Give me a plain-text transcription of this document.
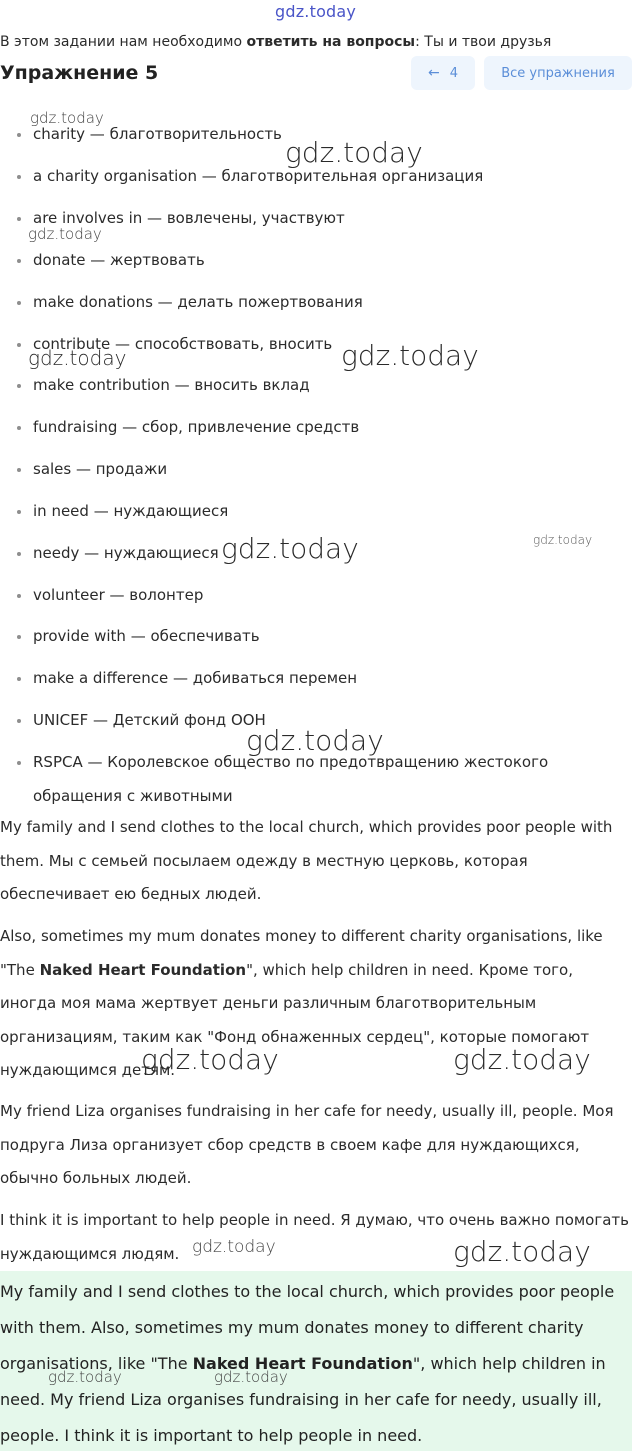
gdz.today
В этом задании нам необходимо ответить на вопросы: Ты и твои друзья
Упражнение 5	← 4	Все упражнения
charity — благотворительность
a charity organisation — благотворительная организация
are involves in — вовлечены, участвуют
donate — жертвовать
make donations — делать пожертвования
contribute — способствовать, вносить
make contribution — вносить вклад
fundraising — сбор, привлечение средств
sales — продажи
in need — нуждающиеся
needy — нуждающиеся
volunteer — волонтер
provide with — обеспечивать
make a difference — добиваться перемен
UNICEF — Детский фонд ООН
RSPCA — Королевское общество по предотвращению жестокого
обращения с животными

My family and I send clothes to the local church, which provides poor people with them. Мы с семьей посылаем одежду в местную церковь, которая обеспечивает ею бедных людей.

Also, sometimes my mum donates money to different charity organisations, like "The Naked Heart Foundation", which help children in need. Кроме того, иногда моя мама жертвует деньги различным благотворительным организациям, таким как "Фонд обнаженных сердец", которые помогают нуждающимся детям.

My friend Liza organises fundraising in her cafe for needy, usually ill, people. Моя подруга Лиза организует сбор средств в своем кафе для нуждающихся, обычно больных людей.

I think it is important to help people in need. Я думаю, что очень важно помогать нуждающимся людям.

My family and I send clothes to the local church, which provides poor people with them. Also, sometimes my mum donates money to different charity organisations, like "The Naked Heart Foundation", which help children in need. My friend Liza organises fundraising in her cafe for needy, usually ill, people. I think it is important to help people in need.

gdz.today
gdz.today
gdz.today
gdz.today
gdz.today
gdz.today	gdz.today
gdz.today
gdz.today	gdz.today
gdz.today	gdz.today
gdz.today	gdz.today
